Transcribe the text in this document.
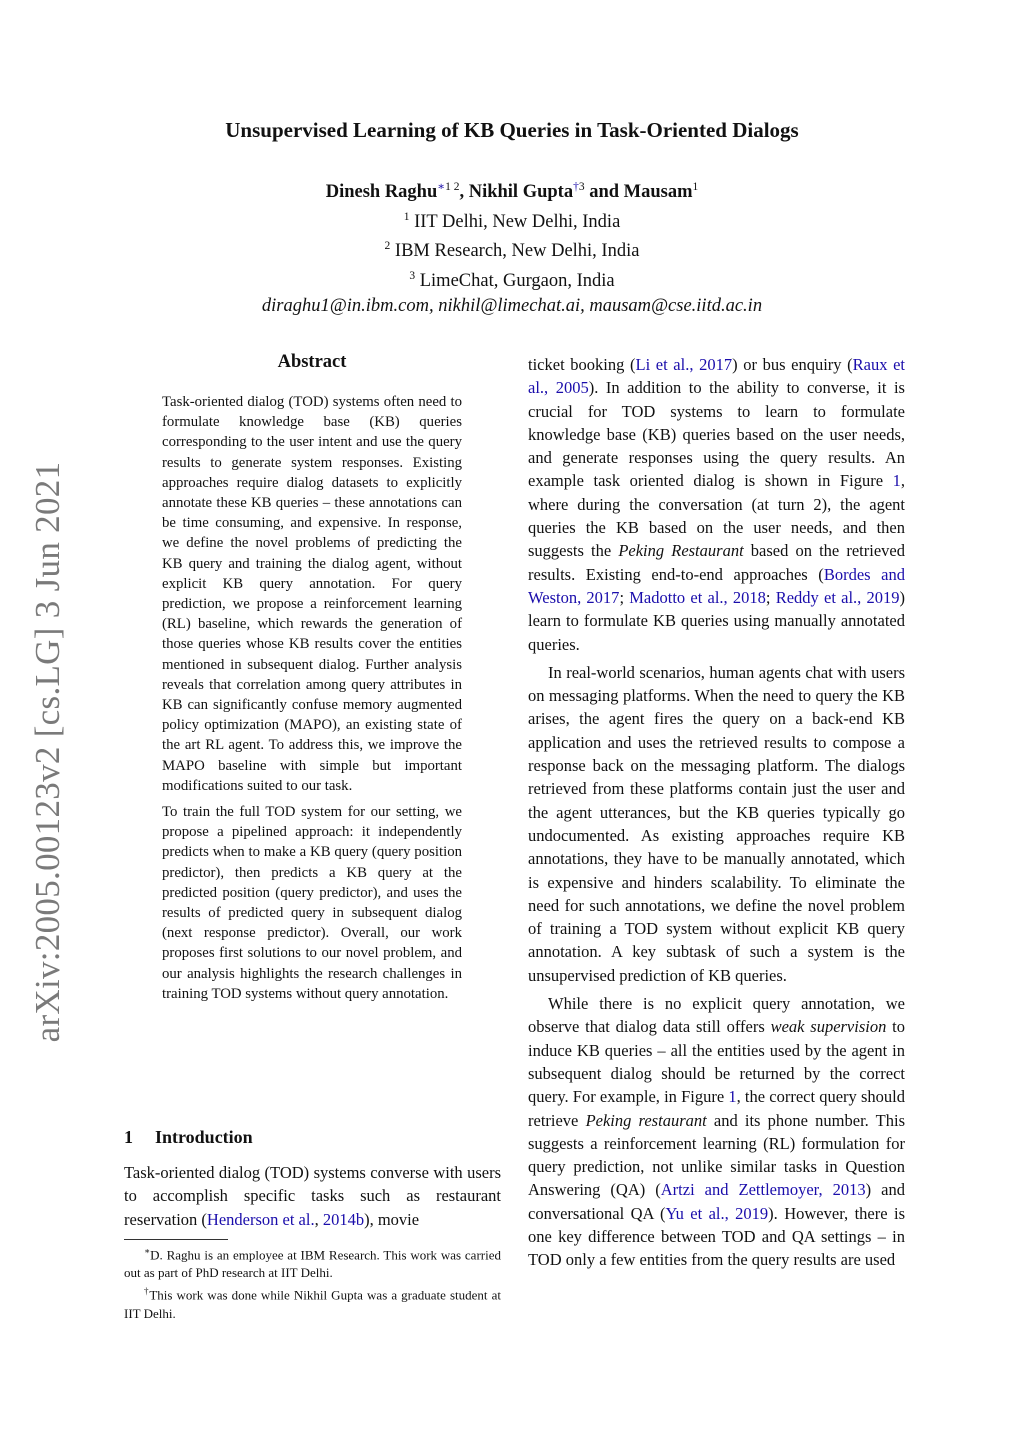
Unsupervised Learning of KB Queries in Task-Oriented Dialogs
Dinesh Raghu$^{∗1 2}$, Nikhil Gupta$^{\dagger 3}$ and Mausam$^1$
$^1$ IIT Delhi, New Delhi, India
$^2$ IBM Research, New Delhi, India
$^3$ LimeChat, Gurgaon, India
diraghu1@in.ibm.com, nikhil@limechat.ai, mausam@cse.iitd.ac.in
arXiv:2005.00123v2 [cs.LG] 3 Jun 2021
Abstract

Task-oriented dialog (TOD) systems often need to formulate knowledge base (KB) queries corresponding to the user intent and use the query results to generate system responses. Existing approaches require dialog datasets to explicitly annotate these KB queries – these annotations can be time consuming, and expensive. In response, we define the novel problems of predicting the KB query and training the dialog agent, without explicit KB query annotation. For query prediction, we propose a reinforcement learning (RL) baseline, which rewards the generation of those queries whose KB results cover the entities mentioned in subsequent dialog. Further analysis reveals that correlation among query attributes in KB can significantly confuse memory augmented policy optimization (MAPO), an existing state of the art RL agent. To address this, we improve the MAPO baseline with simple but important modifications suited to our task.

To train the full TOD system for our setting, we propose a pipelined approach: it independently predicts when to make a KB query (query position predictor), then predicts a KB query at the predicted position (query predictor), and uses the results of predicted query in subsequent dialog (next response predictor). Overall, our work proposes first solutions to our novel problem, and our analysis highlights the research challenges in training TOD systems without query annotation.

1 Introduction

Task-oriented dialog (TOD) systems converse with users to accomplish specific tasks such as restaurant reservation (Henderson et al., 2014b), movie

∗D. Raghu is an employee at IBM Research. This work was carried out as part of PhD research at IIT Delhi.

†This work was done while Nikhil Gupta was a graduate student at IIT Delhi.

ticket booking (Li et al., 2017) or bus enquiry (Raux et al., 2005). In addition to the ability to converse, it is crucial for TOD systems to learn to formulate knowledge base (KB) queries based on the user needs, and generate responses using the query results. An example task oriented dialog is shown in Figure 1, where during the conversation (at turn 2), the agent queries the KB based on the user needs, and then suggests the Peking Restaurant based on the retrieved results. Existing end-to-end approaches (Bordes and Weston, 2017; Madotto et al., 2018; Reddy et al., 2019) learn to formulate KB queries using manually annotated queries.

In real-world scenarios, human agents chat with users on messaging platforms. When the need to query the KB arises, the agent fires the query on a back-end KB application and uses the retrieved results to compose a response back on the messaging platform. The dialogs retrieved from these platforms contain just the user and the agent utterances, but the KB queries typically go undocumented. As existing approaches require KB annotations, they have to be manually annotated, which is expensive and hinders scalability. To eliminate the need for such annotations, we define the novel problem of training a TOD system without explicit KB query annotation. A key subtask of such a system is the unsupervised prediction of KB queries.

While there is no explicit query annotation, we observe that dialog data still offers weak supervision to induce KB queries – all the entities used by the agent in subsequent dialog should be returned by the correct query. For example, in Figure 1, the correct query should retrieve Peking restaurant and its phone number. This suggests a reinforcement learning (RL) formulation for query prediction, not unlike similar tasks in Question Answering (QA) (Artzi and Zettlemoyer, 2013) and conversational QA (Yu et al., 2019). However, there is one key difference between TOD and QA settings – in TOD only a few entities from the query results are used
